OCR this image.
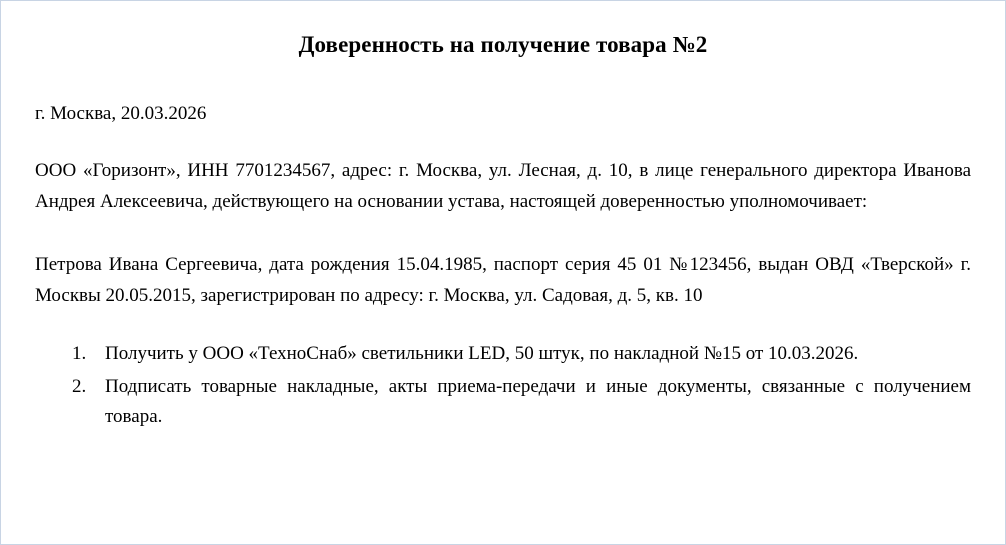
Доверенность на получение товара №2

г. Москва, 20.03.2026

ООО «Горизонт», ИНН 7701234567, адрес: г. Москва, ул. Лесная, д. 10, в лице генерального директора Иванова Андрея Алексеевича, действующего на основании устава, настоящей доверенностью уполномочивает:

Петрова Ивана Сергеевича, дата рождения 15.04.1985, паспорт серия 45 01 №123456, выдан ОВД «Тверской» г. Москвы 20.05.2015, зарегистрирован по адресу: г. Москва, ул. Садовая, д. 5, кв. 10

1. Получить у ООО «ТехноСнаб» светильники LED, 50 штук, по накладной №15 от 10.03.2026.
2. Подписать товарные накладные, акты приема-передачи и иные документы, связанные с получением товара.
